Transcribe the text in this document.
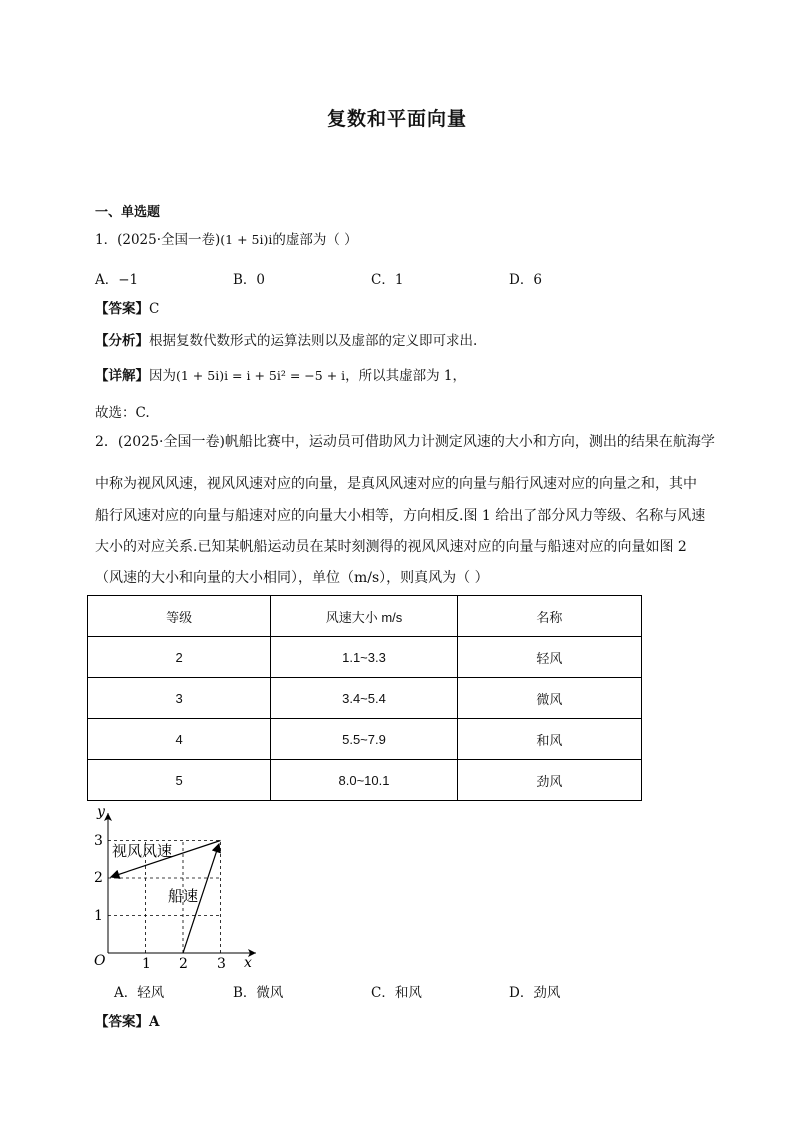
复数和平面向量
一、单选题
1．(2025·全国一卷)(1 + 5i)i的虚部为（ ）
A．−1	B．0	C．1	D．6
【答案】C
【分析】根据复数代数形式的运算法则以及虚部的定义即可求出.
【详解】因为(1 + 5i)i = i + 5i² = −5 + i，所以其虚部为 1，
故选：C.
2．(2025·全国一卷)帆船比赛中，运动员可借助风力计测定风速的大小和方向，测出的结果在航海学
中称为视风风速，视风风速对应的向量，是真风风速对应的向量与船行风速对应的向量之和，其中
船行风速对应的向量与船速对应的向量大小相等，方向相反.图 1 给出了部分风力等级、名称与风速
大小的对应关系.已知某帆船运动员在某时刻测得的视风风速对应的向量与船速对应的向量如图 2
（风速的大小和向量的大小相同），单位（m/s），则真风为（ ）
等级	风速大小 m/s	名称
2	1.1~3.3	轻风
3	3.4~5.4	微风
4	5.5~7.9	和风
5	8.0~10.1	劲风
y
x
O	1 2 3
1
2
3
视风风速
船速
A．轻风	B．微风	C．和风	D．劲风
【答案】A
